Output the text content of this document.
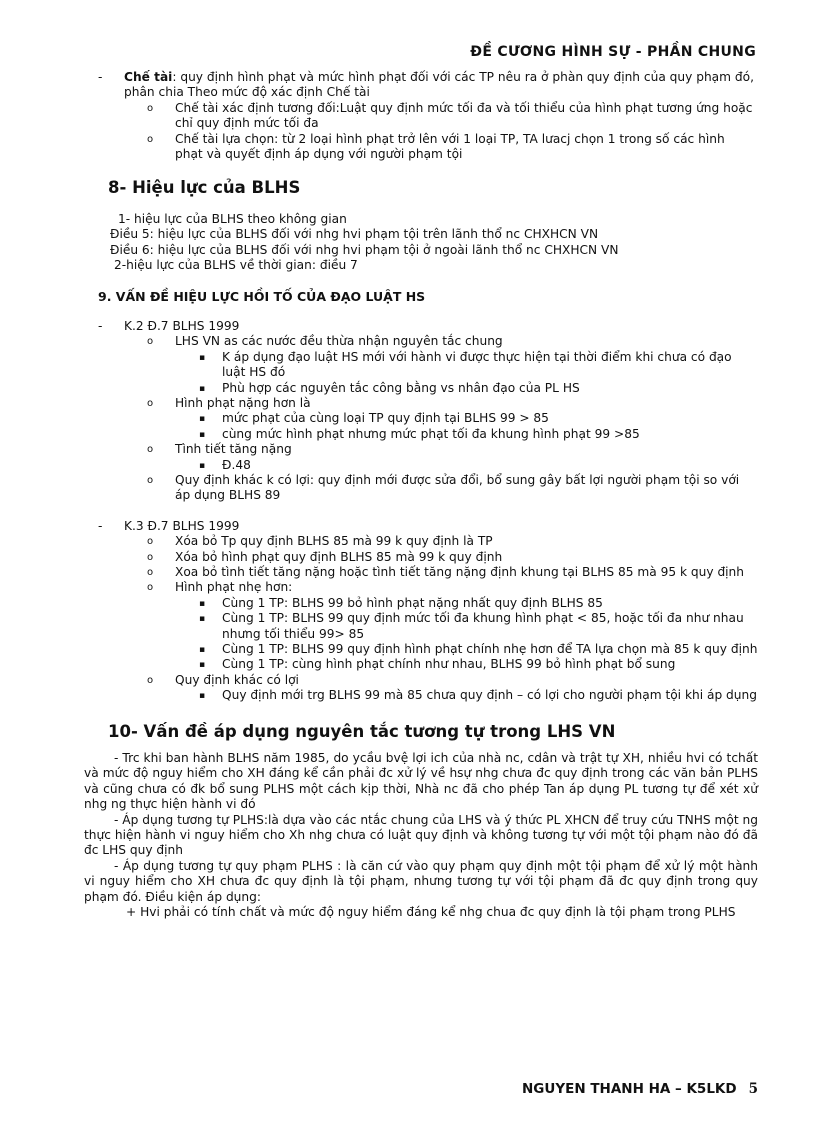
ĐỀ CƯƠNG HÌNH SỰ - PHẦN CHUNG
- Chế tài: quy định hình phạt và mức hình phạt đối với các TP nêu ra ở phàn quy định của quy phạm đó, phân chia Theo mức độ xác định Chế tài
o Chế tài xác định tương đối:Luật quy định mức tối đa và tối thiểu của hình phạt tương ứng hoặc chỉ quy định mức tối đa
o Chế tài lựa chọn: từ 2 loại hình phạt trở lên với 1 loại TP, TA lưacj chọn 1 trong số các hình phạt và quyết định áp dụng với người phạm tội
8- Hiệu lực của BLHS
1- hiệu lực của BLHS theo không gian
Điều 5: hiệu lực của BLHS đối với nhg hvi phạm tội trên lãnh thổ nc CHXHCN VN
Điều 6: hiệu lực của BLHS đối với nhg hvi phạm tội ở ngoài lãnh thổ nc CHXHCN VN
2-hiệu lực của BLHS về thời gian: điều 7
9. VẤN ĐỀ HIỆU LỰC HỒI TỐ CỦA ĐẠO LUẬT HS
- K.2 Đ.7 BLHS 1999
o LHS VN as các nước đều thừa nhận nguyên tắc chung
▪ K áp dụng đạo luật HS mới với hành vi được thực hiện tại thời điểm khi chưa có đạo luật HS đó
▪ Phù hợp các nguyên tắc công bằng vs nhân đạo của PL HS
o Hình phạt nặng hơn là
▪ mức phạt của cùng loại TP quy định tại BLHS 99 > 85
▪ cùng mức hình phạt nhưng mức phạt tối đa khung hình phạt 99 >85
o Tình tiết tăng nặng
▪ Đ.48
o Quy định khác k có lợi: quy định mới được sửa đổi, bổ sung gây bất lợi người phạm tội so với áp dụng BLHS 89
- K.3 Đ.7 BLHS 1999
o Xóa bỏ Tp quy định BLHS 85 mà 99 k quy định là TP
o Xóa bỏ hình phạt quy định BLHS 85 mà 99 k quy định
o Xoa bỏ tình tiết tăng nặng hoặc tình tiết tăng nặng định khung tại BLHS 85 mà 95 k quy định
o Hình phạt nhẹ hơn:
▪ Cùng 1 TP: BLHS 99 bỏ hình phạt nặng nhất quy định BLHS 85
▪ Cùng 1 TP: BLHS 99 quy định mức tối đa khung hình phạt < 85, hoặc tối đa như nhau nhưng tối thiểu 99> 85
▪ Cùng 1 TP: BLHS 99 quy định hình phạt chính nhẹ hơn để TA lựa chọn mà 85 k quy định
▪ Cùng 1 TP: cùng hình phạt chính như nhau, BLHS 99 bỏ hình phạt bổ sung
o Quy định khác có lợi
▪ Quy định mới trg BLHS 99 mà 85 chưa quy định – có lợi cho người phạm tội khi áp dụng
10- Vấn đề áp dụng nguyên tắc tương tự trong LHS VN
- Trc khi ban hành BLHS năm 1985, do ycầu bvệ lợi ich của nhà nc, cdân và trật tự XH, nhiều hvi có tchất và mức độ nguy hiểm cho XH đáng kể cần phải đc xử lý về hsự nhg chưa đc quy định trong các văn bản PLHS và cũng chưa có đk bổ sung PLHS một cách kịp thời, Nhà nc đã cho phép Tan áp dụng PL tương tự để xét xử nhg ng thực hiện hành vi đó
- Áp dụng tương tự PLHS:là dựa vào các ntắc chung của LHS và ý thức PL XHCN để truy cứu TNHS một ng thực hiện hành vi nguy hiểm cho Xh nhg chưa có luật quy định và không tương tự với một tội phạm nào đó đã đc LHS quy định
- Áp dụng tương tự quy phạm PLHS : là căn cứ vào quy phạm quy định một tội phạm để xử lý một hành vi nguy hiểm cho XH chưa đc quy định là tội phạm, nhưng tương tự với tội phạm đã đc quy định trong quy phạm đó. Điều kiện áp dụng:
+ Hvi phải có tính chất và mức độ nguy hiểm đáng kể nhg chua đc quy định là tội phạm trong PLHS
NGUYEN THANH HA – K5LKD 5
